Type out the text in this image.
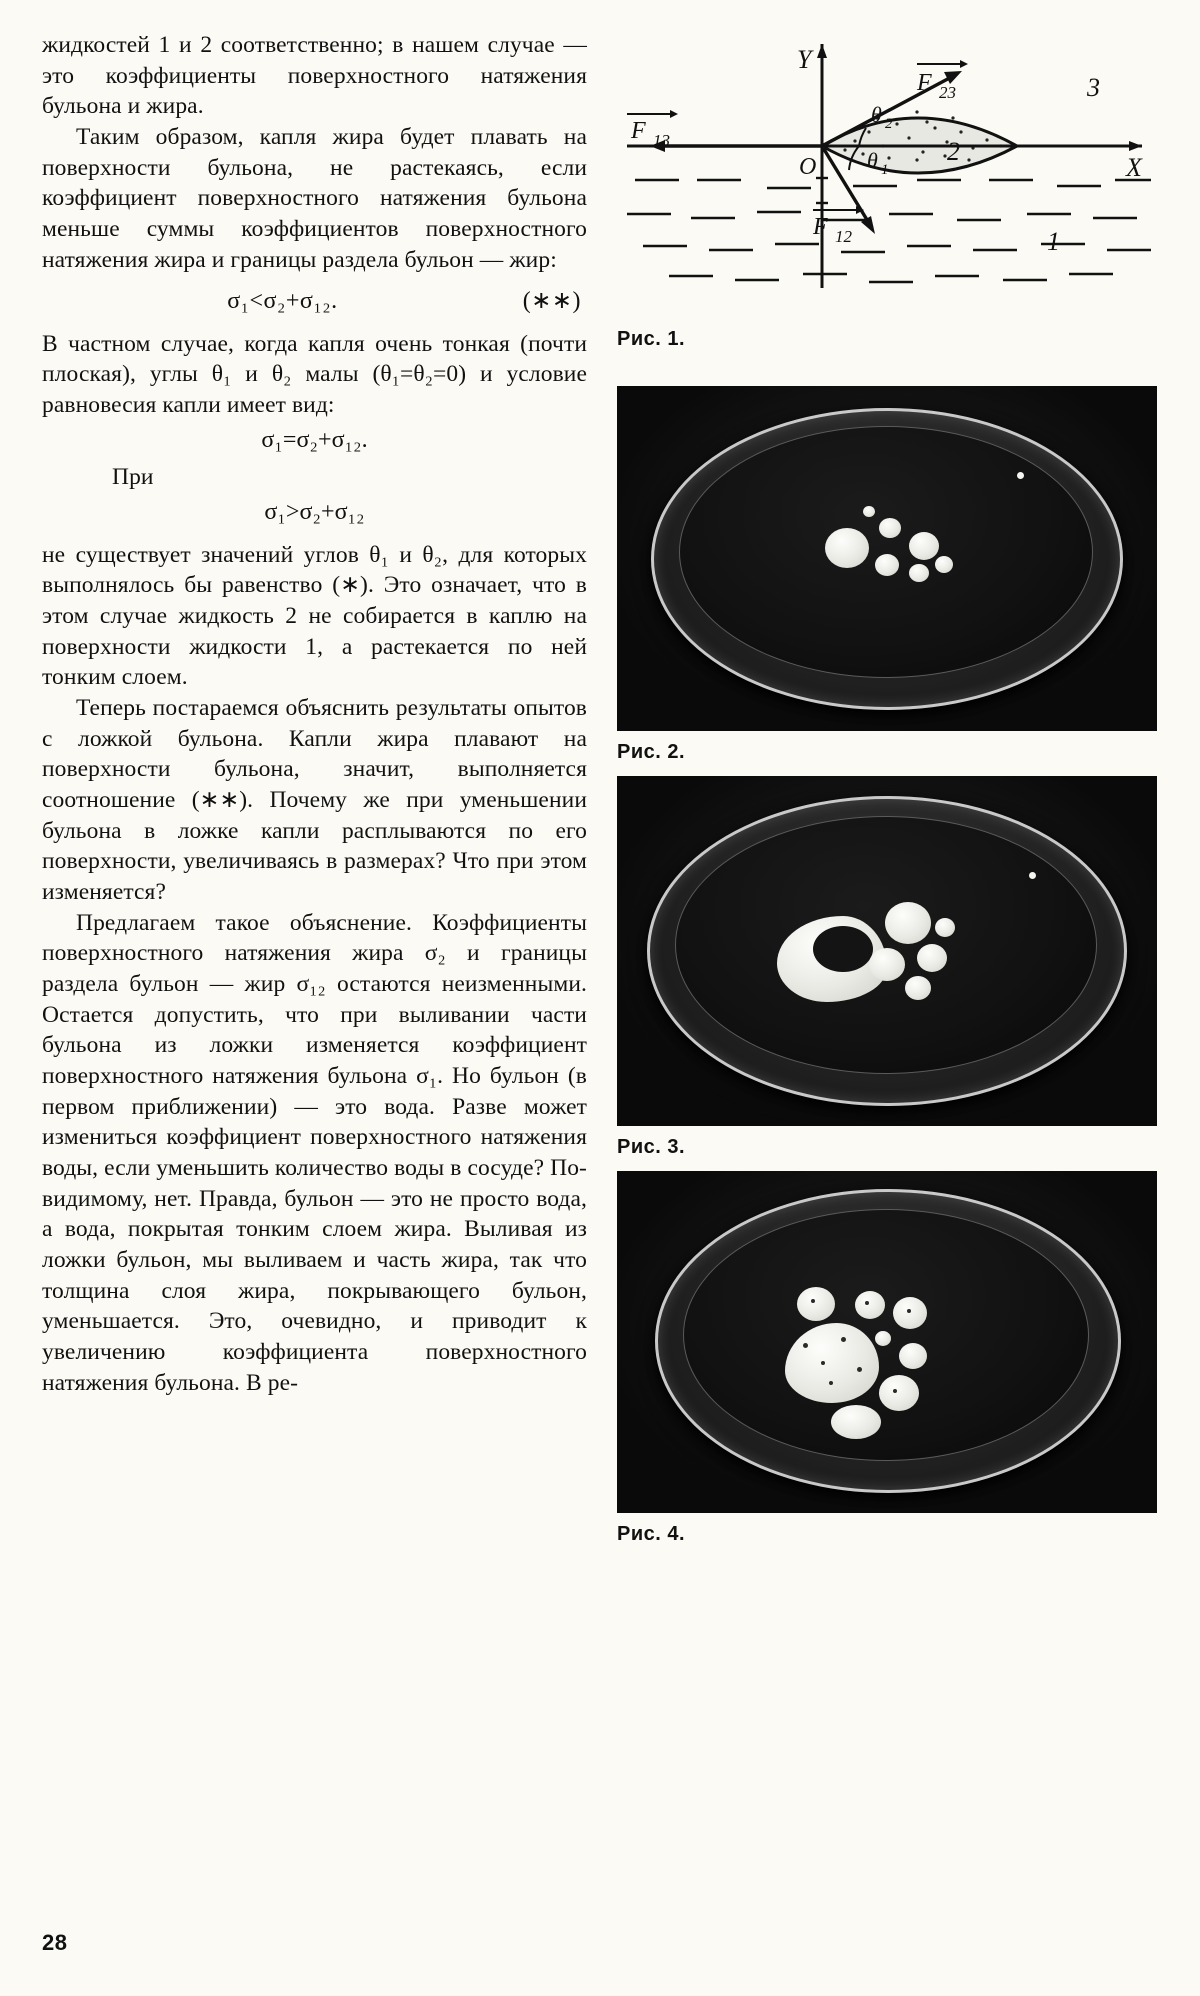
жидкостей 1 и 2 соответственно; в нашем случае — это коэффициенты поверхностного натяжения бульона и жира.

Таким образом, капля жира будет плавать на поверхности бульона, не растекаясь, если коэффициент поверхностного натяжения бульона меньше суммы коэффициентов поверхностного натяжения жира и границы раздела бульон — жир:

(∗∗)
σ₁<σ₂+σ₁₂.

В частном случае, когда капля очень тонкая (почти плоская), углы θ₁ и θ₂ малы (θ₁=θ₂=0) и условие равновесия капли имеет вид:

σ₁=σ₂+σ₁₂.

При

σ₁>σ₂+σ₁₂

не существует значений углов θ₁ и θ₂, для которых выполнялось бы равенство (∗). Это означает, что в этом случае жидкость 2 не собирается в каплю на поверхности жидкости 1, а растекается по ней тонким слоем.

Теперь постараемся объяснить результаты опытов с ложкой бульона. Капли жира плавают на поверхности бульона, значит, выполняется соотношение (∗∗). Почему же при уменьшении бульона в ложке капли расплываются по его поверхности, увеличиваясь в размерах? Что при этом изменяется?

Предлагаем такое объяснение. Коэффициенты поверхностного натяжения жира σ₂ и границы раздела бульон — жир σ₁₂ остаются неизменными. Остается допустить, что при выливании части бульона из ложки изменяется коэффициент поверхностного натяжения бульона σ₁. Но бульон (в первом приближении) — это вода. Разве может измениться коэффициент поверхностного натяжения воды, если уменьшить количество воды в сосуде? По-видимому, нет. Правда, бульон — это не просто вода, а вода, покрытая тонким слоем жира. Выливая из ложки бульон, мы выливаем и часть жира, так что толщина слоя жира, покрывающего бульон, уменьшается. Это, очевидно, и приводит к увеличению коэффициента поверхностного натяжения бульона. В ре-

28
Y
X
O
F 13
F 23
F 12
θ 2
θ 1
2
1
3
Рис. 1.
Рис. 2.
Рис. 3.
Рис. 4.
